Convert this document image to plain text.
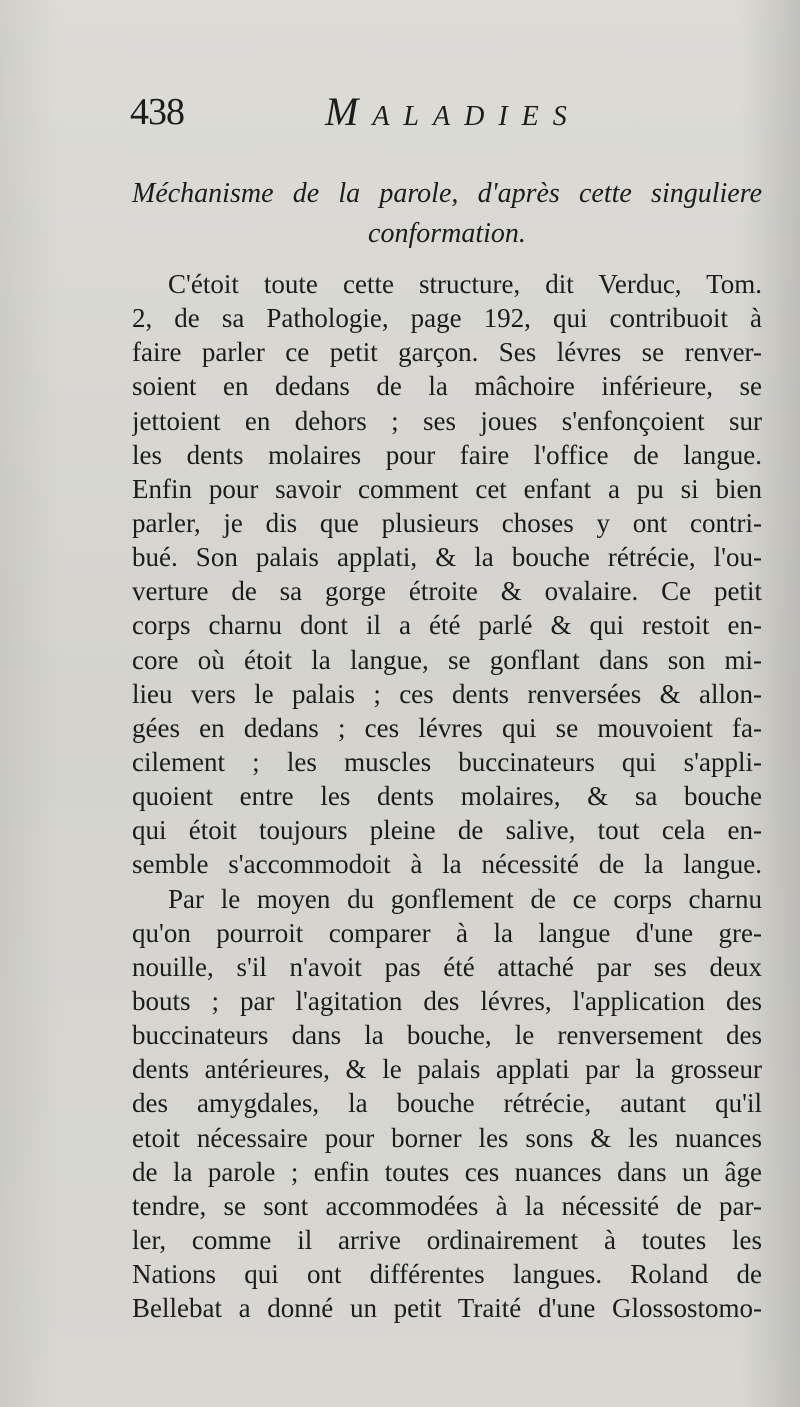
438	Maladies
Méchanisme de la parole, d'après cette singuliere
conformation.
C'étoit toute cette structure, dit Verduc, Tom.
2, de sa Pathologie, page 192, qui contribuoit à
faire parler ce petit garçon. Ses lévres se renver-
soient en dedans de la mâchoire inférieure, se
jettoient en dehors ; ses joues s'enfonçoient sur
les dents molaires pour faire l'office de langue.
Enfin pour savoir comment cet enfant a pu si bien
parler, je dis que plusieurs choses y ont contri-
bué. Son palais applati, & la bouche rétrécie, l'ou-
verture de sa gorge étroite & ovalaire. Ce petit
corps charnu dont il a été parlé & qui restoit en-
core où étoit la langue, se gonflant dans son mi-
lieu vers le palais ; ces dents renversées & allon-
gées en dedans ; ces lévres qui se mouvoient fa-
cilement ; les muscles buccinateurs qui s'appli-
quoient entre les dents molaires, & sa bouche
qui étoit toujours pleine de salive, tout cela en-
semble s'accommodoit à la nécessité de la langue.
Par le moyen du gonflement de ce corps charnu
qu'on pourroit comparer à la langue d'une gre-
nouille, s'il n'avoit pas été attaché par ses deux
bouts ; par l'agitation des lévres, l'application des
buccinateurs dans la bouche, le renversement des
dents antérieures, & le palais applati par la grosseur
des amygdales, la bouche rétrécie, autant qu'il
etoit nécessaire pour borner les sons & les nuances
de la parole ; enfin toutes ces nuances dans un âge
tendre, se sont accommodées à la nécessité de par-
ler, comme il arrive ordinairement à toutes les
Nations qui ont différentes langues. Roland de
Bellebat a donné un petit Traité d'une Glossostomo-
